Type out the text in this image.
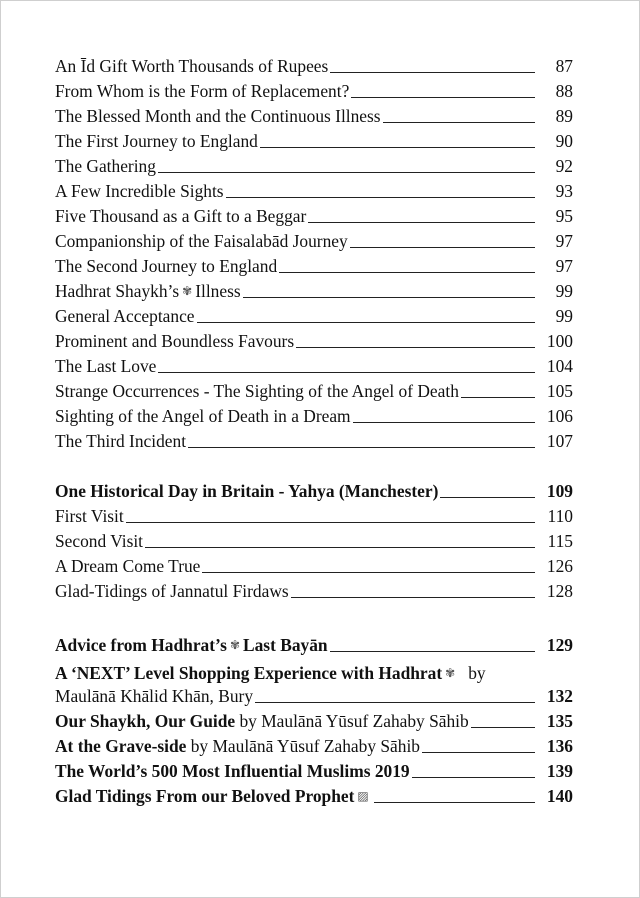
An Īd Gift Worth Thousands of Rupees	87
From Whom is the Form of Replacement?	88
The Blessed Month and the Continuous Illness	89
The First Journey to England	90
The Gathering	92
A Few Incredible Sights	93
Five Thousand as a Gift to a Beggar	95
Companionship of the Faisalabād Journey	97
The Second Journey to England	97
Hadhrat Shaykh’s ✾ Illness	99
General Acceptance	99
Prominent and Boundless Favours	100
The Last Love	104
Strange Occurrences - The Sighting of the Angel of Death	105
Sighting of the Angel of Death in a Dream	106
The Third Incident	107
One Historical Day in Britain - Yahya (Manchester)	109
First Visit	110
Second Visit	115
A Dream Come True	126
Glad-Tidings of Jannatul Firdaws	128
Advice from Hadhrat’s ✾ Last Bayān	129
A ‘NEXT’ Level Shopping Experience with Hadhrat ✾ by
Maulānā Khālid Khān, Bury	132
Our Shaykh, Our Guide by Maulānā Yūsuf Zahaby Sāhib	135
At the Grave-side by Maulānā Yūsuf Zahaby Sāhib	136
The World’s 500 Most Influential Muslims 2019	139
Glad Tidings From our Beloved Prophet ▨	140
